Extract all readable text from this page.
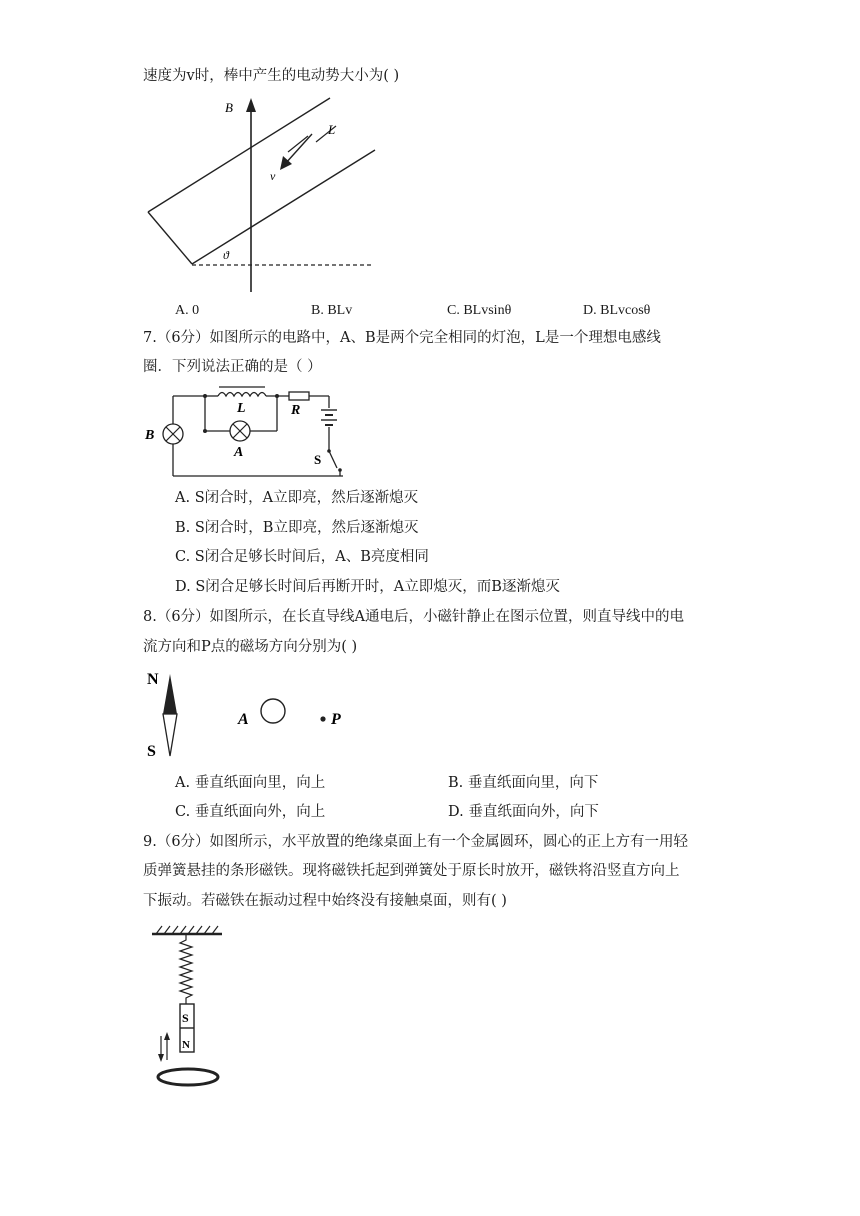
速度为v时，棒中产生的电动势大小为( )
B
L
v
ϑ
A. 0	B. BLv	C. BLvsinθ	D. BLvcosθ
7.（6分）如图所示的电路中，A、B是两个完全相同的灯泡，L是一个理想电感线
圈．下列说法正确的是（ ）
B
L
A
R
S
A. S闭合时，A立即亮，然后逐渐熄灭
B. S闭合时，B立即亮，然后逐渐熄灭
C. S闭合足够长时间后，A、B亮度相同
D. S闭合足够长时间后再断开时，A立即熄灭，而B逐渐熄灭
8.（6分）如图所示，在长直导线A通电后，小磁针静止在图示位置，则直导线中的电
流方向和P点的磁场方向分别为( )
N
S
A	P
A. 垂直纸面向里，向上	B. 垂直纸面向里，向下
C. 垂直纸面向外，向上	D. 垂直纸面向外，向下
9.（6分）如图所示，水平放置的绝缘桌面上有一个金属圆环，圆心的正上方有一用轻
质弹簧悬挂的条形磁铁。现将磁铁托起到弹簧处于原长时放开，磁铁将沿竖直方向上
下振动。若磁铁在振动过程中始终没有接触桌面，则有( )
S
N
